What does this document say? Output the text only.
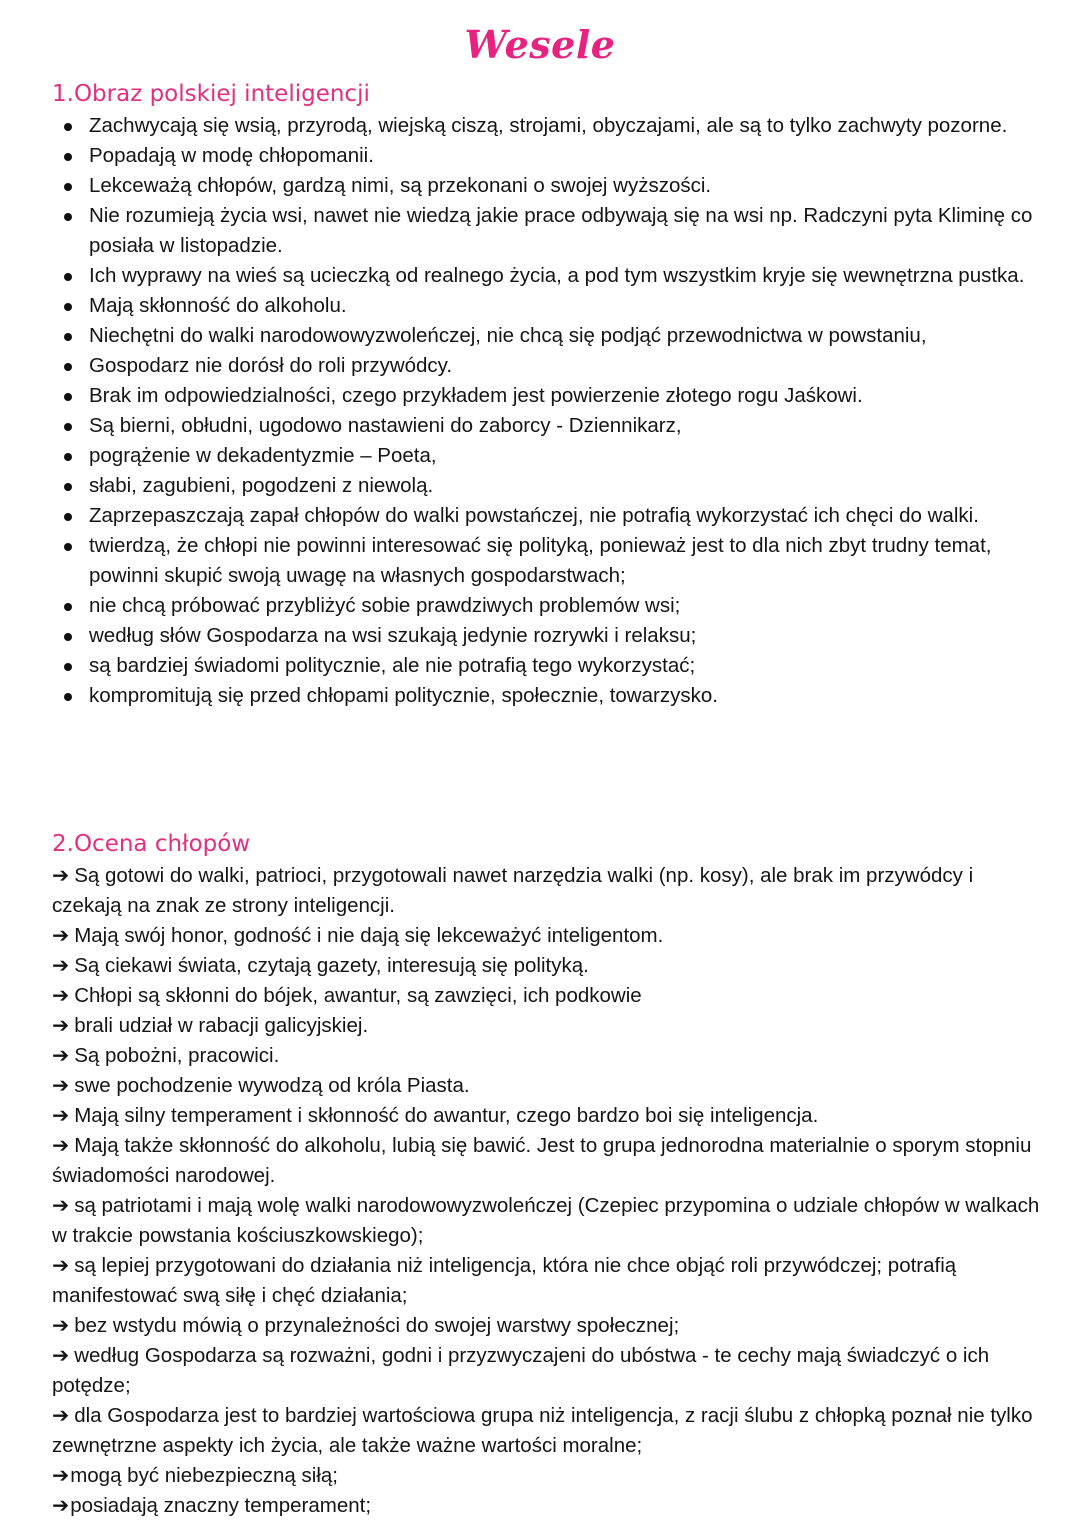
Wesele
1.Obraz polskiej inteligencji
Zachwycają się wsią, przyrodą, wiejską ciszą, strojami, obyczajami, ale są to tylko zachwyty pozorne.
Popadają w modę chłopomanii.
Lekceważą chłopów, gardzą nimi, są przekonani o swojej wyższości.
Nie rozumieją życia wsi, nawet nie wiedzą jakie prace odbywają się na wsi np. Radczyni pyta Kliminę co posiała w listopadzie.
Ich wyprawy na wieś są ucieczką od realnego życia, a pod tym wszystkim kryje się wewnętrzna pustka.
Mają skłonność do alkoholu.
Niechętni do walki narodowowyzwoleńczej, nie chcą się podjąć przewodnictwa w powstaniu,
Gospodarz nie dorósł do roli przywódcy.
Brak im odpowiedzialności, czego przykładem jest powierzenie złotego rogu Jaśkowi.
Są bierni, obłudni, ugodowo nastawieni do zaborcy - Dziennikarz,
pogrążenie w dekadentyzmie – Poeta,
słabi, zagubieni, pogodzeni z niewolą.
Zaprzepaszczają zapał chłopów do walki powstańczej, nie potrafią wykorzystać ich chęci do walki.
twierdzą, że chłopi nie powinni interesować się polityką, ponieważ jest to dla nich zbyt trudny temat, powinni skupić swoją uwagę na własnych gospodarstwach;
nie chcą próbować przybliżyć sobie prawdziwych problemów wsi;
według słów Gospodarza na wsi szukają jedynie rozrywki i relaksu;
są bardziej świadomi politycznie, ale nie potrafią tego wykorzystać;
kompromitują się przed chłopami politycznie, społecznie, towarzysko.
2.Ocena chłopów
➔ Są gotowi do walki, patrioci, przygotowali nawet narzędzia walki (np. kosy), ale brak im przywódcy i czekają na znak ze strony inteligencji.
➔ Mają swój honor, godność i nie dają się lekceważyć inteligentom.
➔ Są ciekawi świata, czytają gazety, interesują się polityką.
➔ Chłopi są skłonni do bójek, awantur, są zawzięci, ich podkowie
➔ brali udział w rabacji galicyjskiej.
➔ Są pobożni, pracowici.
➔ swe pochodzenie wywodzą od króla Piasta.
➔ Mają silny temperament i skłonność do awantur, czego bardzo boi się inteligencja.
➔ Mają także skłonność do alkoholu, lubią się bawić. Jest to grupa jednorodna materialnie o sporym stopniu świadomości narodowej.
➔ są patriotami i mają wolę walki narodowowyzwoleńczej (Czepiec przypomina o udziale chłopów w walkach w trakcie powstania kościuszkowskiego);
➔ są lepiej przygotowani do działania niż inteligencja, która nie chce objąć roli przywódczej; potrafią manifestować swą siłę i chęć działania;
➔ bez wstydu mówią o przynależności do swojej warstwy społecznej;
➔ według Gospodarza są rozważni, godni i przyzwyczajeni do ubóstwa - te cechy mają świadczyć o ich potędze;
➔ dla Gospodarza jest to bardziej wartościowa grupa niż inteligencja, z racji ślubu z chłopką poznał nie tylko zewnętrzne aspekty ich życia, ale także ważne wartości moralne;
➔mogą być niebezpieczną siłą;
➔posiadają znaczny temperament;
